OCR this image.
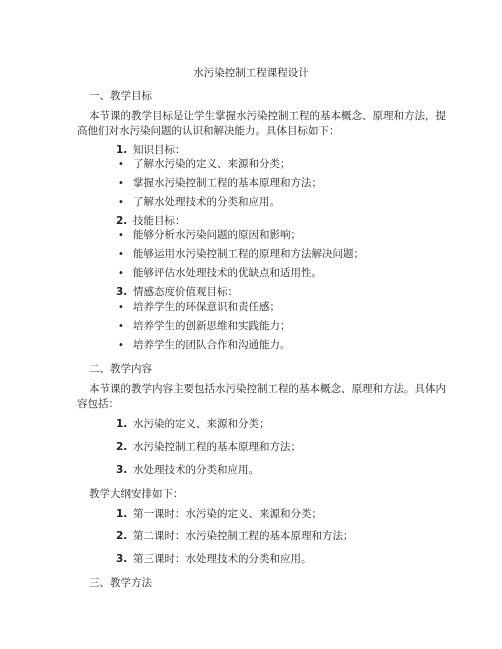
水污染控制工程课程设计
一、教学目标
本节课的教学目标是让学生掌握水污染控制工程的基本概念、原理和方法，提
高他们对水污染问题的认识和解决能力。具体目标如下：
1. 知识目标：
• 了解水污染的定义、来源和分类；
• 掌握水污染控制工程的基本原理和方法；
• 了解水处理技术的分类和应用。
2. 技能目标：
• 能够分析水污染问题的原因和影响；
• 能够运用水污染控制工程的原理和方法解决问题；
• 能够评估水处理技术的优缺点和适用性。
3. 情感态度价值观目标：
• 培养学生的环保意识和责任感；
• 培养学生的创新思维和实践能力；
• 培养学生的团队合作和沟通能力。
二、教学内容
本节课的教学内容主要包括水污染控制工程的基本概念、原理和方法。具体内
容包括：
1. 水污染的定义、来源和分类；
2. 水污染控制工程的基本原理和方法；
3. 水处理技术的分类和应用。
教学大纲安排如下：
1. 第一课时：水污染的定义、来源和分类；
2. 第二课时：水污染控制工程的基本原理和方法；
3. 第三课时：水处理技术的分类和应用。
三、教学方法
